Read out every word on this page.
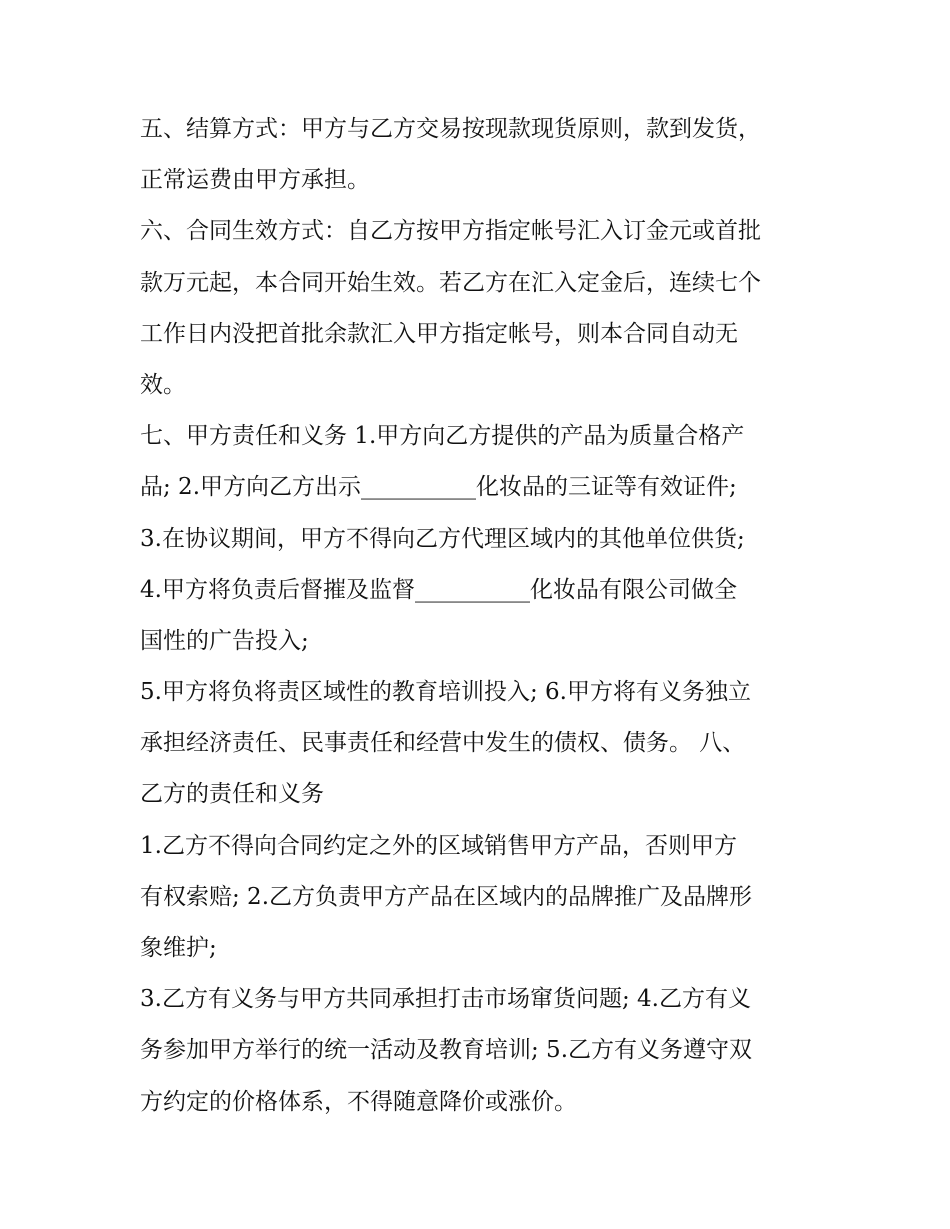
五、结算方式：甲方与乙方交易按现款现货原则，款到发货，
正常运费由甲方承担。
六、合同生效方式：自乙方按甲方指定帐号汇入订金元或首批
款万元起，本合同开始生效。若乙方在汇入定金后，连续七个
工作日内没把首批余款汇入甲方指定帐号，则本合同自动无
效。
七、甲方责任和义务 1.甲方向乙方提供的产品为质量合格产
品; 2.甲方向乙方出示__________化妆品的三证等有效证件;
3.在协议期间，甲方不得向乙方代理区域内的其他单位供货;
4.甲方将负责后督摧及监督__________化妆品有限公司做全
国性的广告投入;
5.甲方将负将责区域性的教育培训投入; 6.甲方将有义务独立
承担经济责任、民事责任和经营中发生的债权、债务。 八、
乙方的责任和义务
1.乙方不得向合同约定之外的区域销售甲方产品，否则甲方
有权索赔; 2.乙方负责甲方产品在区域内的品牌推广及品牌形
象维护;
3.乙方有义务与甲方共同承担打击市场窜货问题; 4.乙方有义
务参加甲方举行的统一活动及教育培训; 5.乙方有义务遵守双
方约定的价格体系，不得随意降价或涨价。
